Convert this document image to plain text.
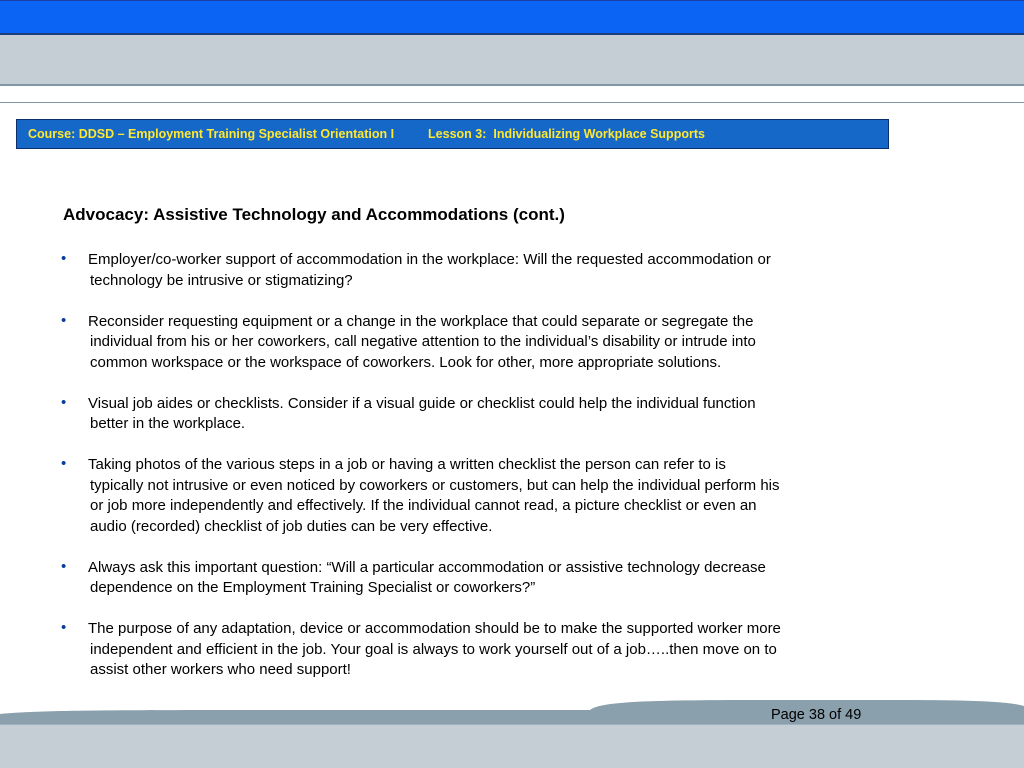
Course: DDSD – Employment Training Specialist Orientation I	Lesson 3:  Individualizing Workplace Supports
Advocacy: Assistive Technology and Accommodations (cont.)
• Employer/co-worker support of accommodation in the workplace: Will the requested accommodation or
technology be intrusive or stigmatizing?
• Reconsider requesting equipment or a change in the workplace that could separate or segregate the
individual from his or her coworkers, call negative attention to the individual’s disability or intrude into
common workspace or the workspace of coworkers. Look for other, more appropriate solutions.
• Visual job aides or checklists. Consider if a visual guide or checklist could help the individual function
better in the workplace.
• Taking photos of the various steps in a job or having a written checklist the person can refer to is
typically not intrusive or even noticed by coworkers or customers, but can help the individual perform his
or job more independently and effectively. If the individual cannot read, a picture checklist or even an
audio (recorded) checklist of job duties can be very effective.
• Always ask this important question: “Will a particular accommodation or assistive technology decrease
dependence on the Employment Training Specialist or coworkers?”
• The purpose of any adaptation, device or accommodation should be to make the supported worker more
independent and efficient in the job. Your goal is always to work yourself out of a job…..then move on to
assist other workers who need support!
Page 38 of 49
